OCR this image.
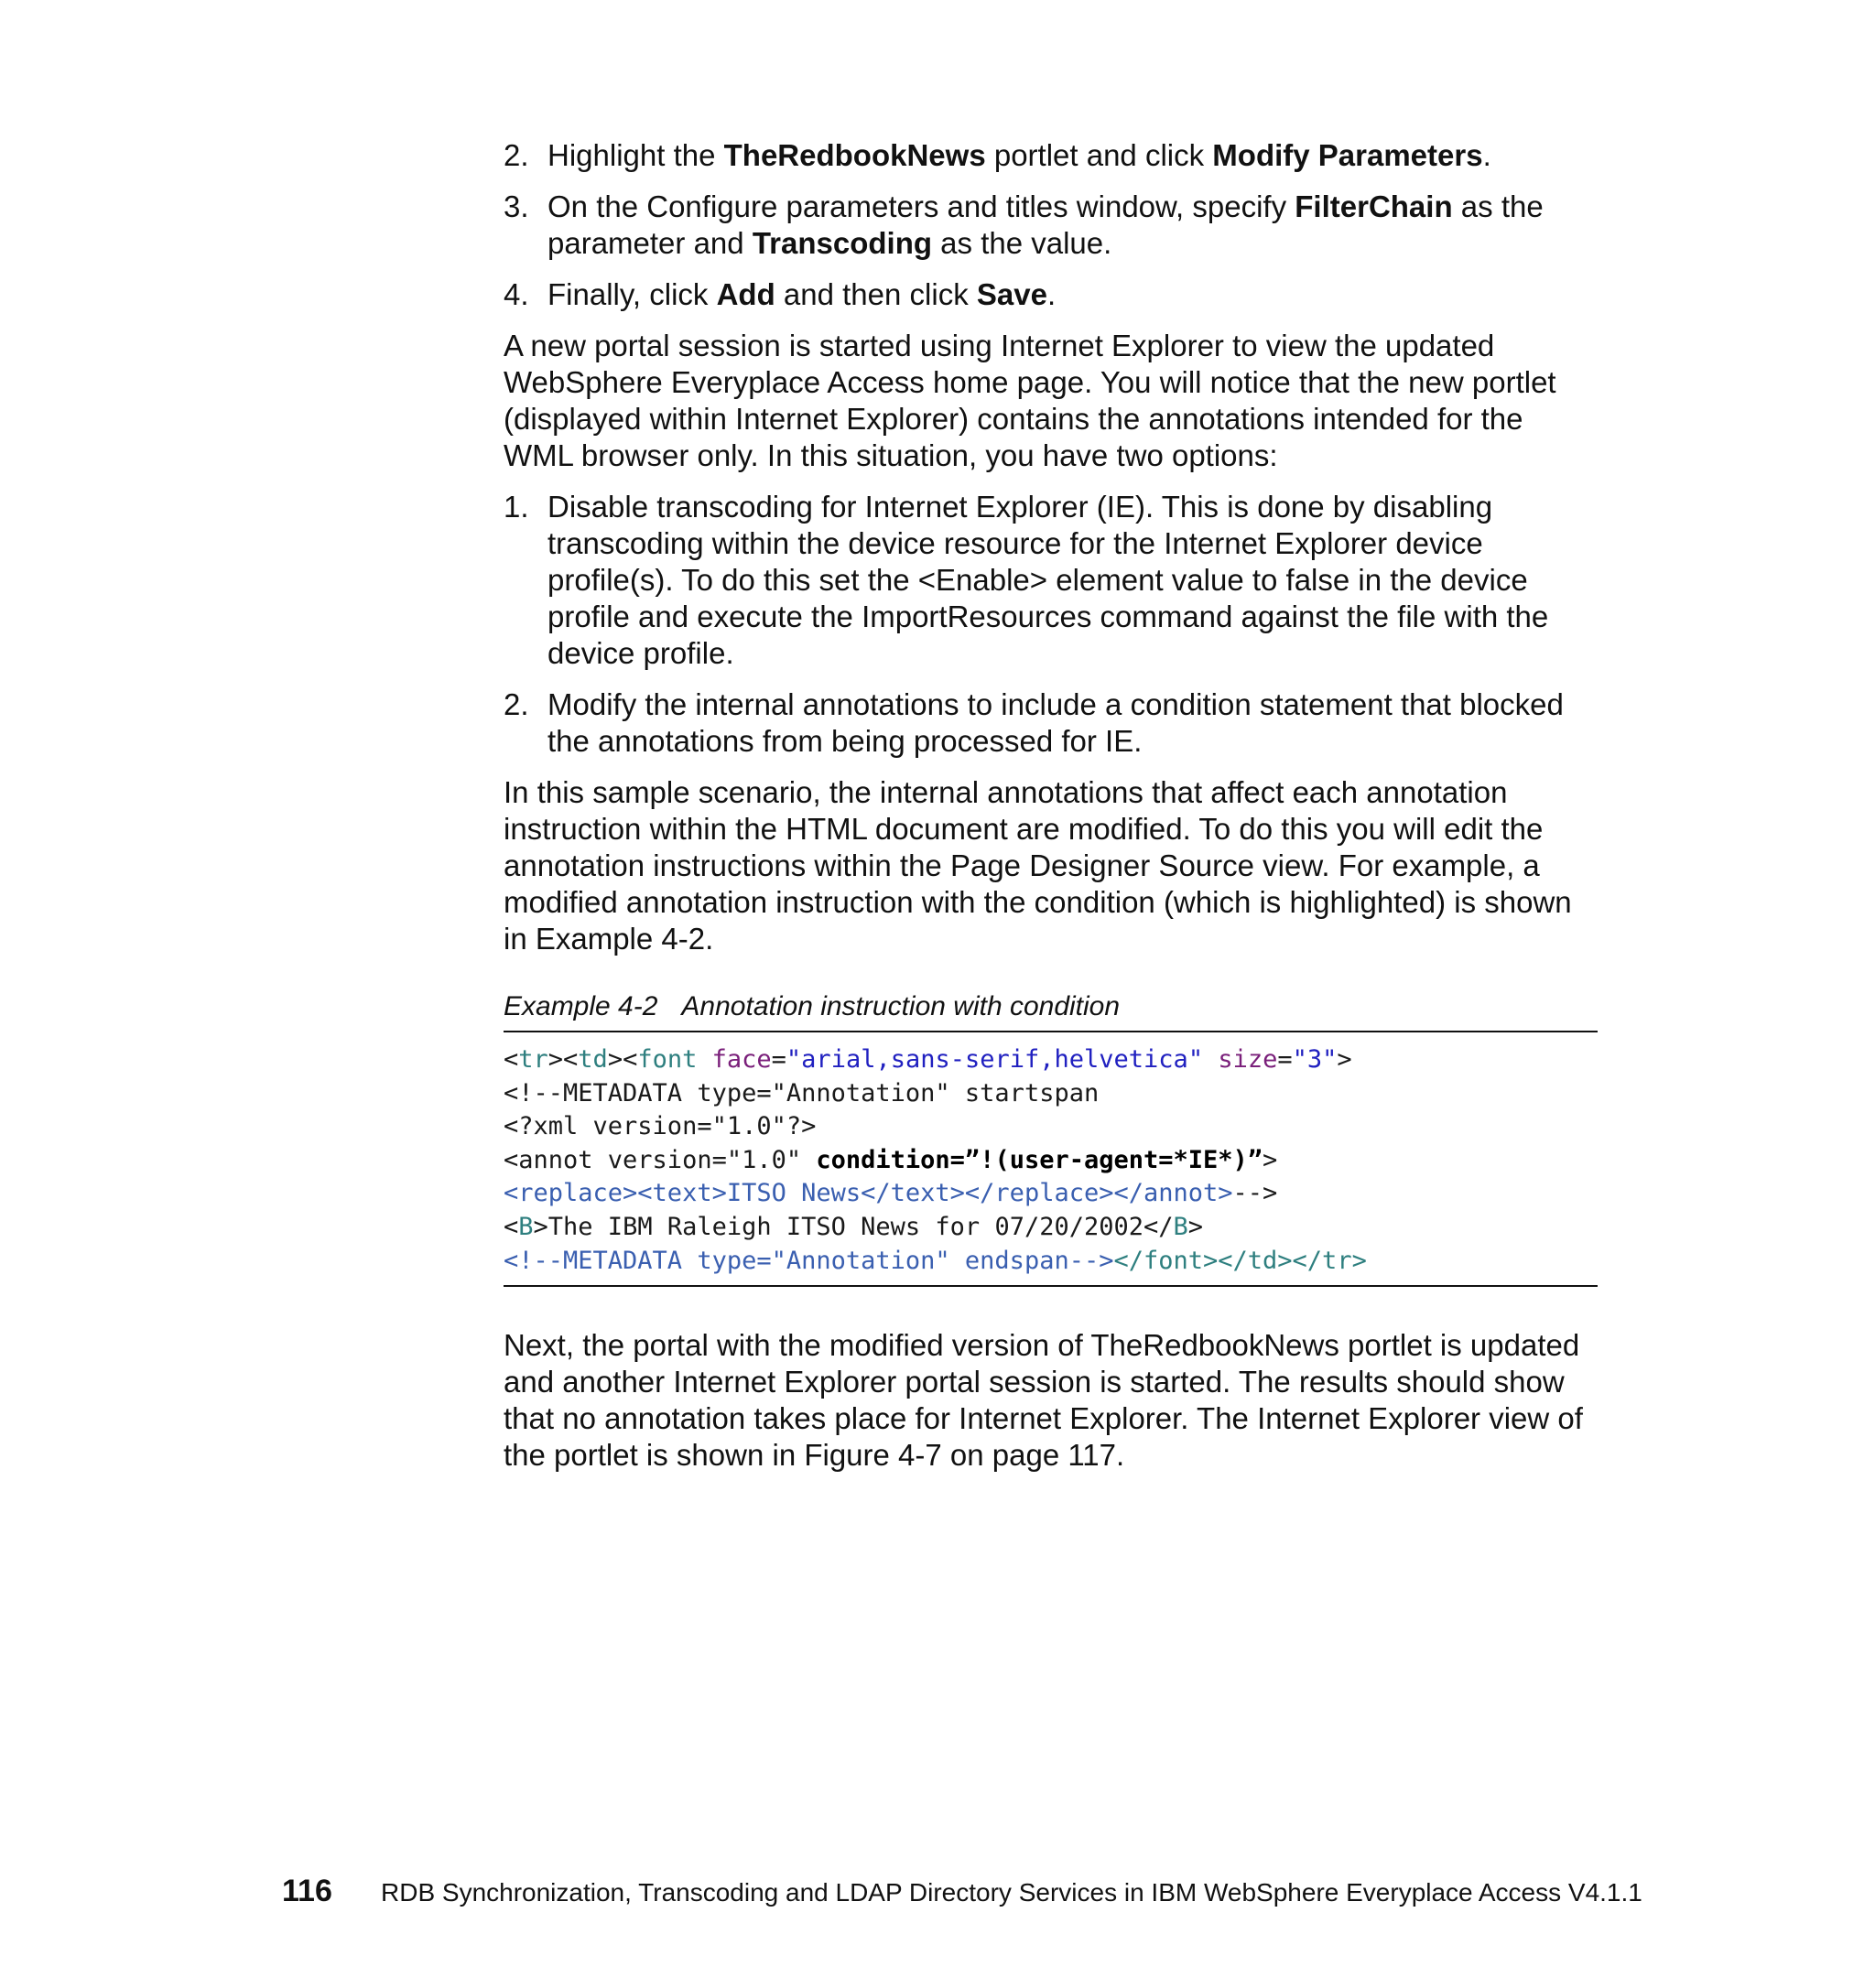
2. Highlight the TheRedbookNews portlet and click Modify Parameters.
3. On the Configure parameters and titles window, specify FilterChain as the parameter and Transcoding as the value.
4. Finally, click Add and then click Save.

A new portal session is started using Internet Explorer to view the updated WebSphere Everyplace Access home page. You will notice that the new portlet (displayed within Internet Explorer) contains the annotations intended for the WML browser only. In this situation, you have two options:

1. Disable transcoding for Internet Explorer (IE). This is done by disabling transcoding within the device resource for the Internet Explorer device profile(s). To do this set the <Enable> element value to false in the device profile and execute the ImportResources command against the file with the device profile.
2. Modify the internal annotations to include a condition statement that blocked the annotations from being processed for IE.

In this sample scenario, the internal annotations that affect each annotation instruction within the HTML document are modified. To do this you will edit the annotation instructions within the Page Designer Source view. For example, a modified annotation instruction with the condition (which is highlighted) is shown in Example 4-2.

Example 4-2 Annotation instruction with condition
<tr><td><font face="arial,sans-serif,helvetica" size="3">
<!--METADATA type="Annotation" startspan
<?xml version="1.0"?>
<annot version="1.0" condition=”!(user-agent=*IE*)”>
<replace><text>ITSO News</text></replace></annot>-->
<B>The IBM Raleigh ITSO News for 07/20/2002</B>
<!--METADATA type="Annotation" endspan--></font></td></tr>

Next, the portal with the modified version of TheRedbookNews portlet is updated and another Internet Explorer portal session is started. The results should show that no annotation takes place for Internet Explorer. The Internet Explorer view of the portlet is shown in Figure 4-7 on page 117.

116 RDB Synchronization, Transcoding and LDAP Directory Services in IBM WebSphere Everyplace Access V4.1.1
